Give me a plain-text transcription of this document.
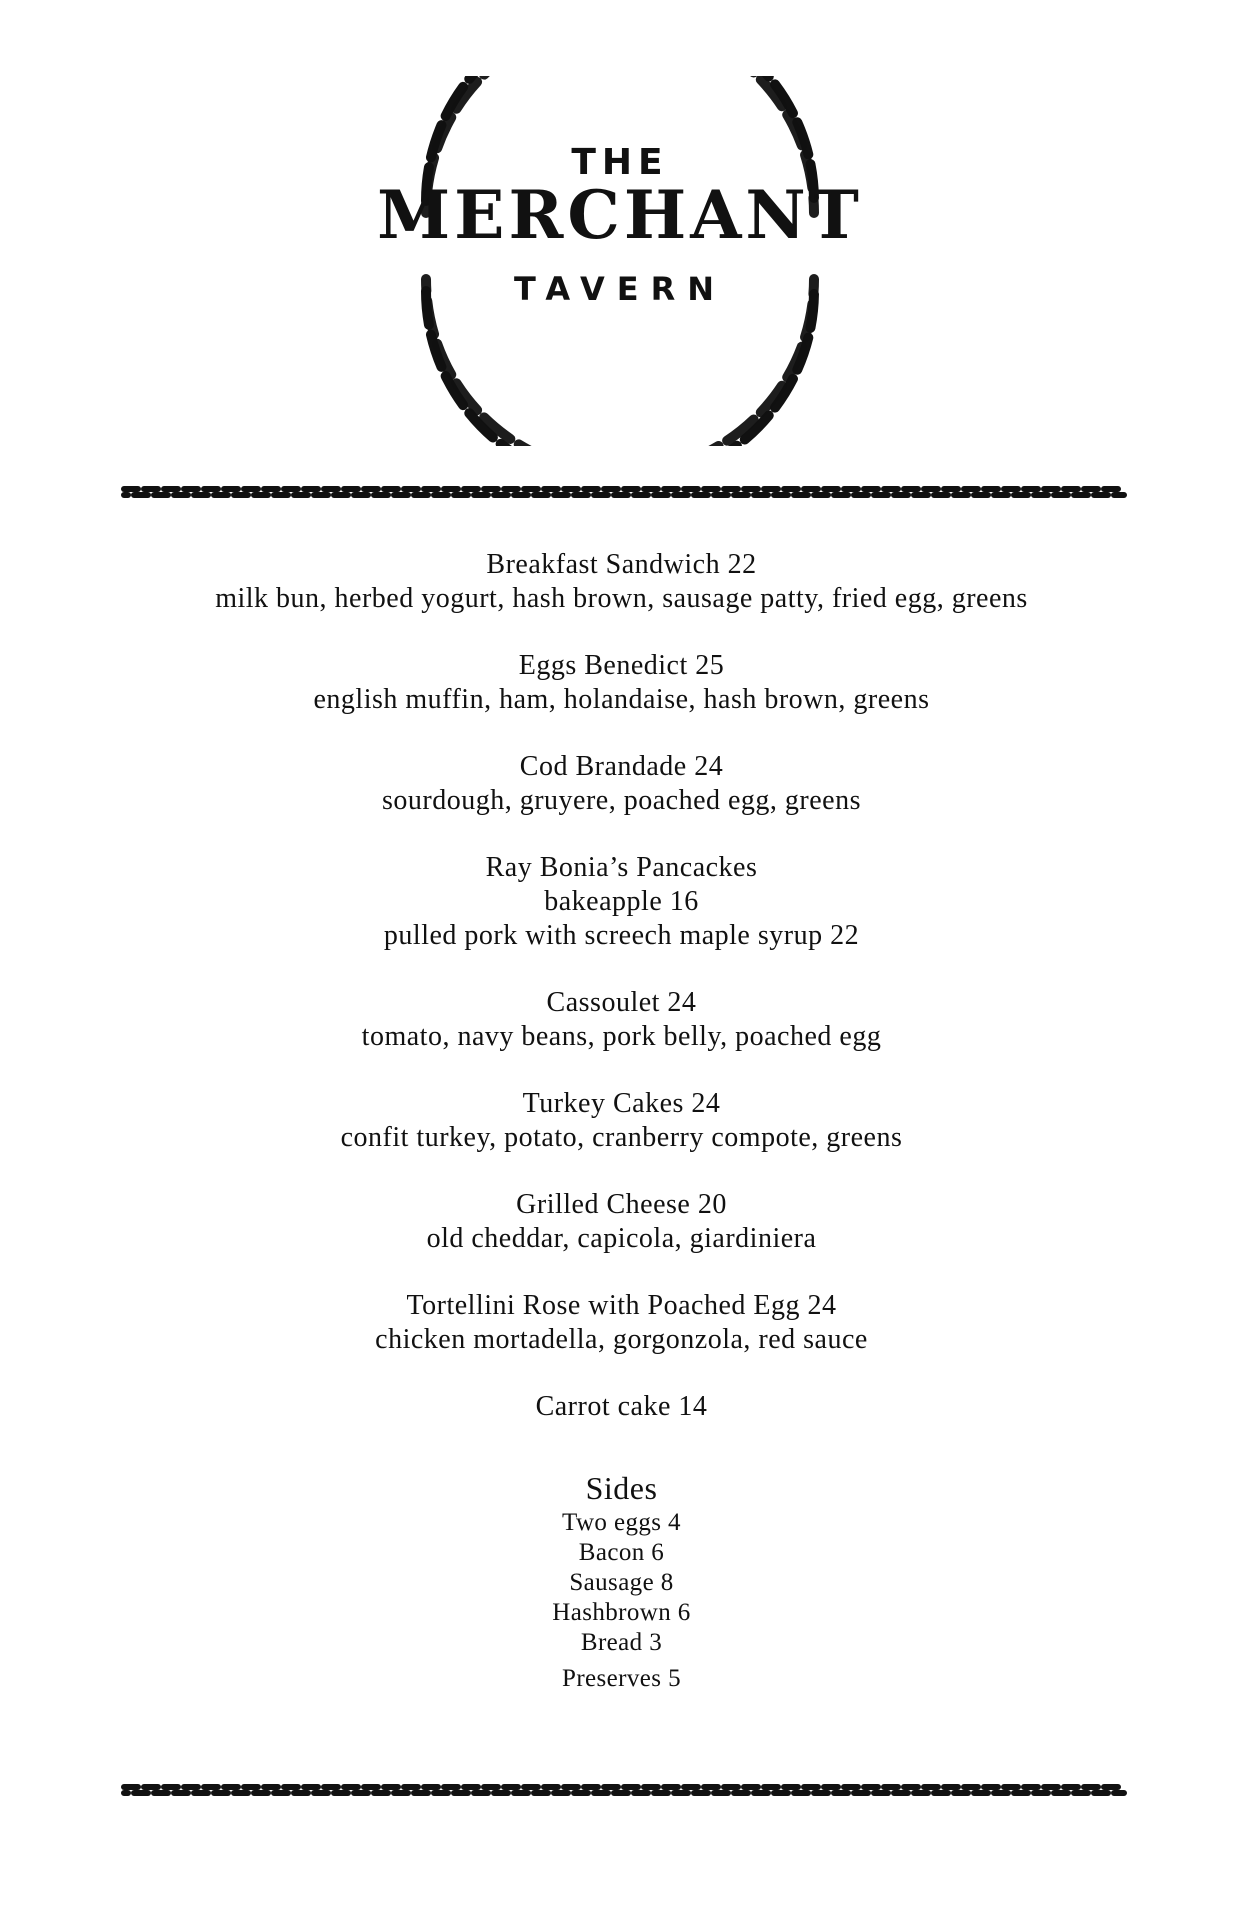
THE
MERCHANT
TAVERN

Breakfast Sandwich 22

milk bun, herbed yogurt, hash brown, sausage patty, fried egg, greens

Eggs Benedict 25

english muffin, ham, holandaise, hash brown, greens

Cod Brandade 24

sourdough, gruyere, poached egg, greens

Ray Bonia’s Pancackes

bakeapple 16

pulled pork with screech maple syrup 22

Cassoulet 24

tomato, navy beans, pork belly, poached egg

Turkey Cakes 24

confit turkey, potato, cranberry compote, greens

Grilled Cheese 20

old cheddar, capicola, giardiniera

Tortellini Rose with Poached Egg 24

chicken mortadella, gorgonzola, red sauce

Carrot cake 14

Sides

Two eggs 4

Bacon 6

Sausage 8

Hashbrown 6

Bread 3

Preserves 5
